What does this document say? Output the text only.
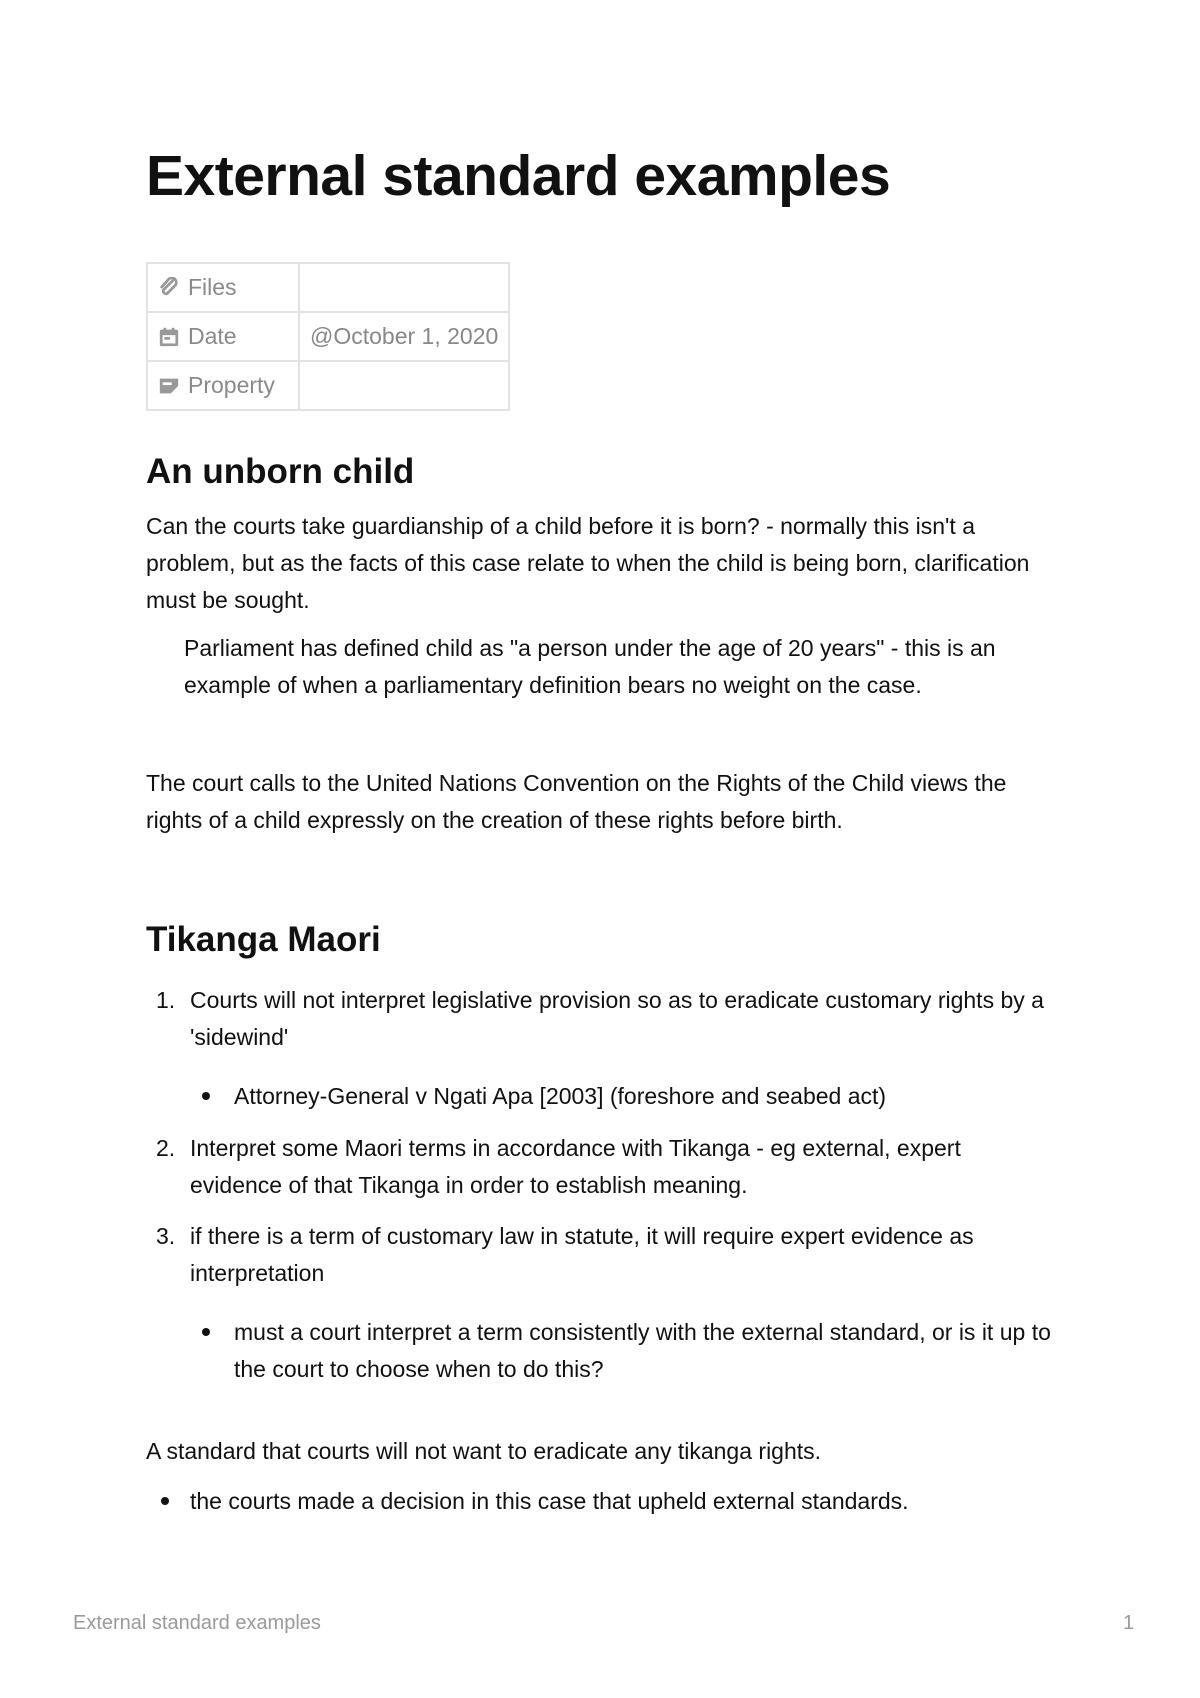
External standard examples
Files	
Date	@October 1, 2020
Property	
An unborn child

Can the courts take guardianship of a child before it is born? - normally this isn't a problem, but as the facts of this case relate to when the child is being born, clarification must be sought.

Parliament has defined child as "a person under the age of 20 years" - this is an example of when a parliamentary definition bears no weight on the case.

The court calls to the United Nations Convention on the Rights of the Child views the rights of a child expressly on the creation of these rights before birth.

Tikanga Maori
1. Courts will not interpret legislative provision so as to eradicate customary rights by a 'sidewind'

Attorney-General v Ngati Apa [2003] (foreshore and seabed act)

2. Interpret some Maori terms in accordance with Tikanga - eg external, expert evidence of that Tikanga in order to establish meaning.

3. if there is a term of customary law in statute, it will require expert evidence as interpretation

must a court interpret a term consistently with the external standard, or is it up to the court to choose when to do this?

A standard that courts will not want to eradicate any tikanga rights.

the courts made a decision in this case that upheld external standards.

External standard examples	1
